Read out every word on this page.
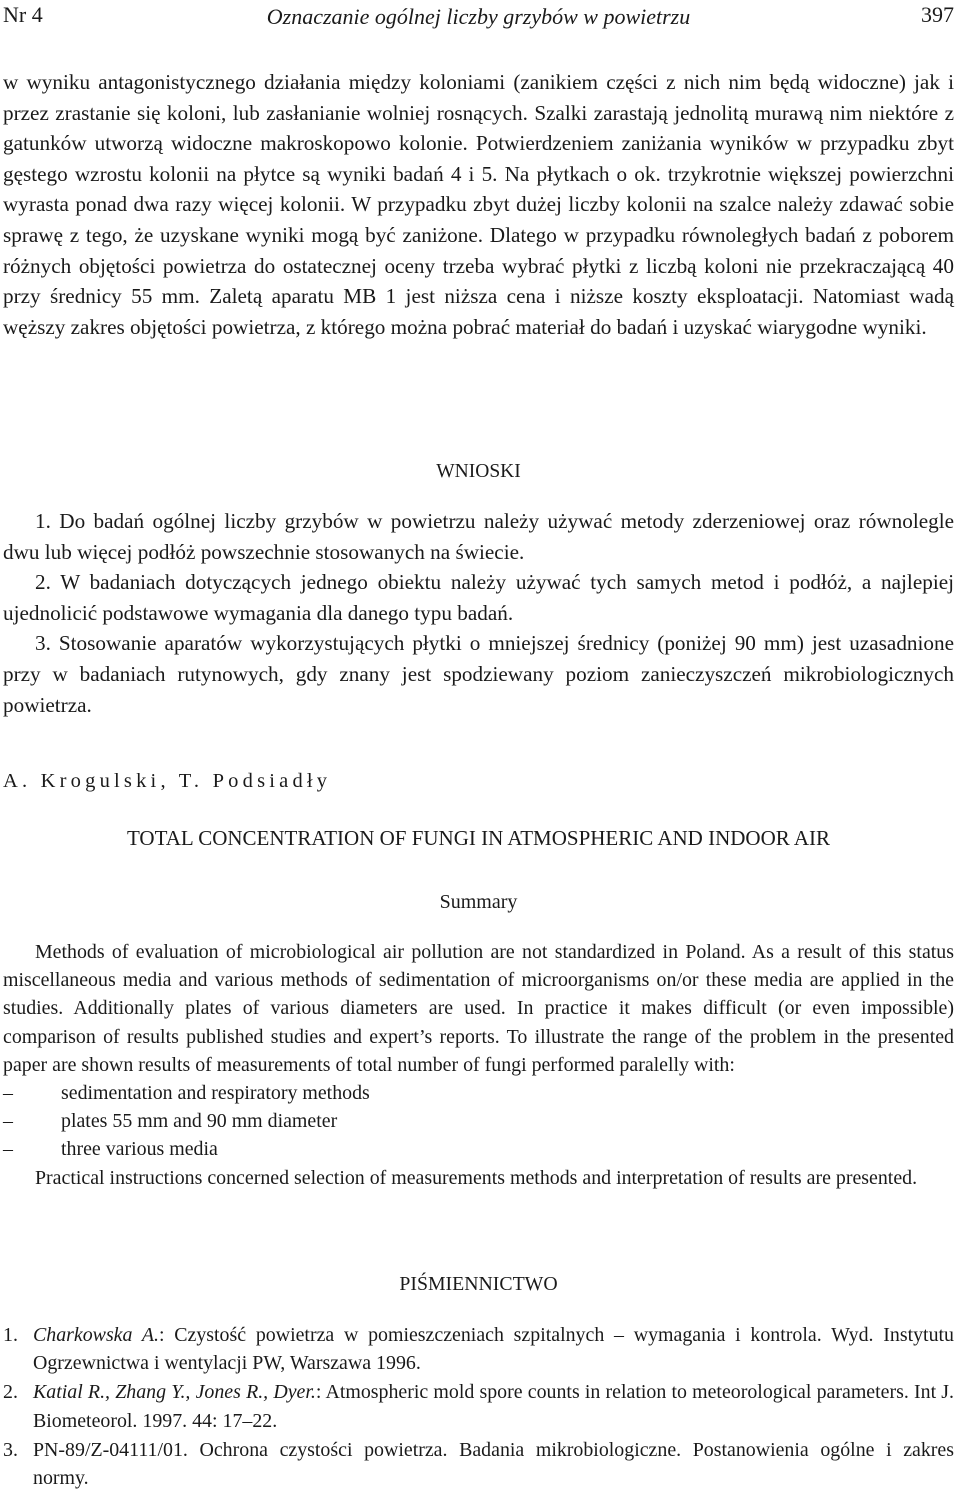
Nr 4	Oznaczanie ogólnej liczby grzybów w powietrzu	397

w wyniku antagonistycznego działania między koloniami (zanikiem części z nich nim będą widoczne) jak i przez zrastanie się koloni, lub zasłanianie wolniej rosnących. Szalki zarastają jednolitą murawą nim niektóre z gatunków utworzą widoczne makroskopowo kolonie. Potwierdzeniem zaniżania wyników w przypadku zbyt gęstego wzrostu kolonii na płytce są wyniki badań 4 i 5. Na płytkach o ok. trzykrotnie większej powierzchni wyrasta ponad dwa razy więcej kolonii. W przypadku zbyt dużej liczby kolonii na szalce należy zdawać sobie sprawę z tego, że uzyskane wyniki mogą być zaniżone. Dlatego w przypadku równoległych badań z poborem różnych objętości powietrza do ostatecznej oceny trzeba wybrać płytki z liczbą koloni nie przekraczającą 40 przy średnicy 55 mm. Zaletą aparatu MB 1 jest niższa cena i niższe koszty eksploatacji. Natomiast wadą węższy zakres objętości powietrza, z którego można pobrać materiał do badań i uzyskać wiarygodne wyniki.

WNIOSKI

1. Do badań ogólnej liczby grzybów w powietrzu należy używać metody zderzeniowej oraz równolegle dwu lub więcej podłóż powszechnie stosowanych na świecie.

2. W badaniach dotyczących jednego obiektu należy używać tych samych metod i podłóż, a najlepiej ujednolicić podstawowe wymagania dla danego typu badań.

3. Stosowanie aparatów wykorzystujących płytki o mniejszej średnicy (poniżej 90 mm) jest uzasadnione przy w badaniach rutynowych, gdy znany jest spodziewany poziom zanieczyszczeń mikrobiologicznych powietrza.

A. Krogulski, T. Podsiadły

TOTAL CONCENTRATION OF FUNGI IN ATMOSPHERIC AND INDOOR AIR

Summary

Methods of evaluation of microbiological air pollution are not standardized in Poland. As a result of this status miscellaneous media and various methods of sedimentation of microorganisms on/or these media are applied in the studies. Additionally plates of various diameters are used. In practice it makes difficult (or even impossible) comparison of results published studies and expert’s reports. To illustrate the range of the problem in the presented paper are shown results of measurements of total number of fungi performed paralelly with:

–	sedimentation and respiratory methods
–	plates 55 mm and 90 mm diameter
–	three various media

Practical instructions concerned selection of measurements methods and interpretation of results are presented.

PIŚMIENNICTWO

1. Charkowska A.: Czystość powietrza w pomieszczeniach szpitalnych – wymagania i kontrola. Wyd. Instytutu Ogrzewnictwa i wentylacji PW, Warszawa 1996.
2. Katial R., Zhang Y., Jones R., Dyer.: Atmospheric mold spore counts in relation to meteorological parameters. Int J. Biometeorol. 1997. 44: 17–22.
3. PN-89/Z-04111/01. Ochrona czystości powietrza. Badania mikrobiologiczne. Postanowienia ogólne i zakres normy.
